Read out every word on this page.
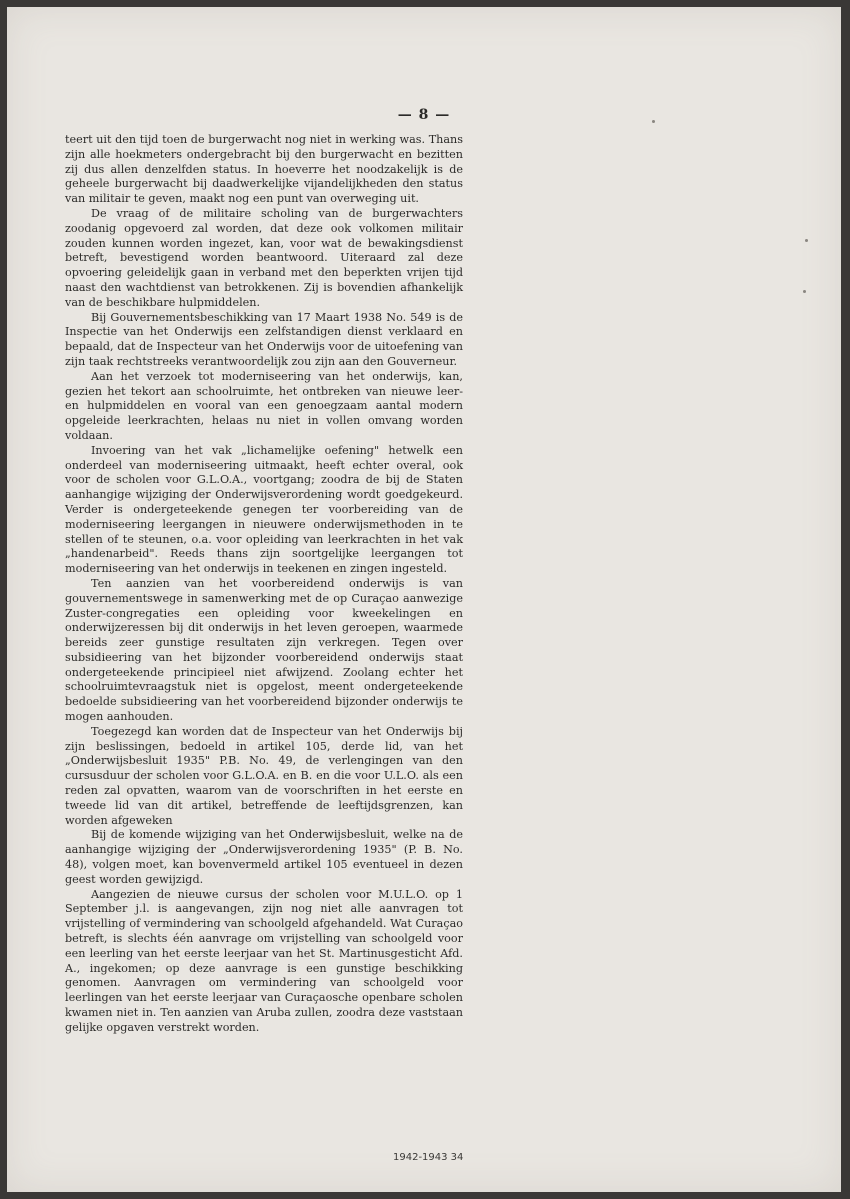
— 8 —

teert uit den tijd toen de burgerwacht nog niet in werking was. Thans zijn alle hoekmeters ondergebracht bij den burgerwacht en bezitten zij dus allen denzelfden status. In hoeverre het noodzakelijk is de geheele burgerwacht bij daadwerkelijke vijandelijkheden den status van militair te geven, maakt nog een punt van overweging uit.

De vraag of de militaire scholing van de burgerwachters zoodanig opgevoerd zal worden, dat deze ook volkomen militair zouden kunnen worden ingezet, kan, voor wat de bewakingsdienst betreft, bevestigend worden beantwoord. Uiteraard zal deze opvoering geleidelijk gaan in verband met den beperkten vrijen tijd naast den wachtdienst van betrokkenen. Zij is bovendien afhankelijk van de beschikbare hulpmiddelen.

Bij Gouvernementsbeschikking van 17 Maart 1938 No. 549 is de Inspectie van het Onderwijs een zelfstandigen dienst verklaard en bepaald, dat de Inspecteur van het Onderwijs voor de uitoefening van zijn taak rechtstreeks verantwoordelijk zou zijn aan den Gouverneur.

Aan het verzoek tot moderniseering van het onderwijs, kan, gezien het tekort aan schoolruimte, het ontbreken van nieuwe leer- en hulpmiddelen en vooral van een genoegzaam aantal modern opgeleide leerkrachten, helaas nu niet in vollen omvang worden voldaan.

Invoering van het vak „lichamelijke oefening" hetwelk een onderdeel van moderniseering uitmaakt, heeft echter overal, ook voor de scholen voor G.L.O.A., voortgang; zoodra de bij de Staten aanhangige wijziging der Onderwijsverordening wordt goedgekeurd. Verder is ondergeteekende genegen ter voorbereiding van de moderniseering leergangen in nieuwere onderwijsmethoden in te stellen of te steunen, o.a. voor opleiding van leerkrachten in het vak „handenarbeid". Reeds thans zijn soortgelijke leergangen tot moderniseering van het onderwijs in teekenen en zingen ingesteld.

Ten aanzien van het voorbereidend onderwijs is van gouvernementswege in samenwerking met de op Curaçao aanwezige Zuster-congregaties een opleiding voor kweekelingen en onderwijzeressen bij dit onderwijs in het leven geroepen, waarmede bereids zeer gunstige resultaten zijn verkregen. Tegen over subsidieering van het bijzonder voorbereidend onderwijs staat ondergeteekende principieel niet afwijzend. Zoolang echter het schoolruimtevraagstuk niet is opgelost, meent ondergeteekende bedoelde subsidieering van het voorbereidend bijzonder onderwijs te mogen aanhouden.

Toegezegd kan worden dat de Inspecteur van het Onderwijs bij zijn beslissingen, bedoeld in artikel 105, derde lid, van het „Onderwijsbesluit 1935" P.B. No. 49, de verlengingen van den cursusduur der scholen voor G.L.O.A. en B. en die voor U.L.O. als een reden zal opvatten, waarom van de voorschriften in het eerste en tweede lid van dit artikel, betreffende de leeftijdsgrenzen, kan worden afgeweken

Bij de komende wijziging van het Onderwijsbesluit, welke na de aanhangige wijziging der „Onderwijsverordening 1935" (P. B. No. 48), volgen moet, kan bovenvermeld artikel 105 eventueel in dezen geest worden gewijzigd.

Aangezien de nieuwe cursus der scholen voor M.U.L.O. op 1 September j.l. is aangevangen, zijn nog niet alle aanvragen tot vrijstelling of vermindering van schoolgeld afgehandeld. Wat Curaçao betreft, is slechts één aanvrage om vrijstelling van schoolgeld voor een leerling van het eerste leerjaar van het St. Martinusgesticht Afd. A., ingekomen; op deze aanvrage is een gunstige beschikking genomen. Aanvragen om vermindering van schoolgeld voor leerlingen van het eerste leerjaar van Curaçaosche openbare scholen kwamen niet in. Ten aanzien van Aruba zullen, zoodra deze vaststaan gelijke opgaven verstrekt worden.

1942-1943 34
